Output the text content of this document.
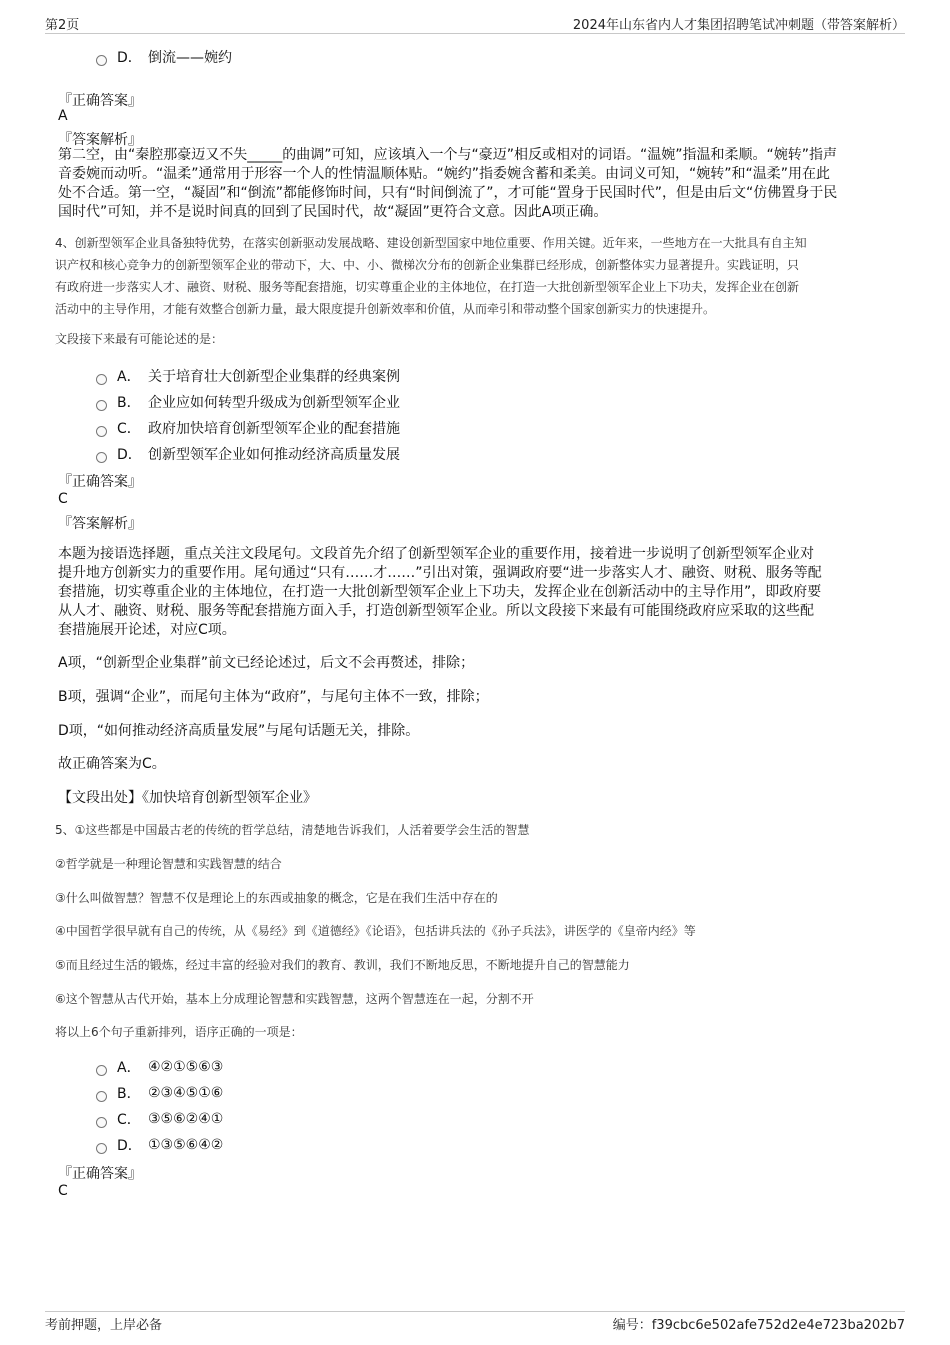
第2页	2024年山东省内人才集团招聘笔试冲刺题（带答案解析）
D． 倒流——婉约
『正确答案』
A
『答案解析』
第二空，由“秦腔那豪迈又不失_____的曲调”可知，应该填入一个与“豪迈”相反或相对的词语。“温婉”指温和柔顺。“婉转”指声
音委婉而动听。“温柔”通常用于形容一个人的性情温顺体贴。“婉约”指委婉含蓄和柔美。由词义可知，“婉转”和“温柔”用在此
处不合适。第一空，“凝固”和“倒流”都能修饰时间，只有“时间倒流了”，才可能“置身于民国时代”，但是由后文“仿佛置身于民
国时代”可知，并不是说时间真的回到了民国时代，故“凝固”更符合文意。因此A项正确。
4、创新型领军企业具备独特优势，在落实创新驱动发展战略、建设创新型国家中地位重要、作用关键。近年来，一些地方在一大批具有自主知
识产权和核心竞争力的创新型领军企业的带动下，大、中、小、微梯次分布的创新企业集群已经形成，创新整体实力显著提升。实践证明，只
有政府进一步落实人才、融资、财税、服务等配套措施，切实尊重企业的主体地位，在打造一大批创新型领军企业上下功夫，发挥企业在创新
活动中的主导作用，才能有效整合创新力量，最大限度提升创新效率和价值，从而牵引和带动整个国家创新实力的快速提升。
文段接下来最有可能论述的是：
A． 关于培育壮大创新型企业集群的经典案例
B． 企业应如何转型升级成为创新型领军企业
C． 政府加快培育创新型领军企业的配套措施
D． 创新型领军企业如何推动经济高质量发展
『正确答案』
C
『答案解析』
本题为接语选择题，重点关注文段尾句。文段首先介绍了创新型领军企业的重要作用，接着进一步说明了创新型领军企业对
提升地方创新实力的重要作用。尾句通过“只有……才……”引出对策，强调政府要“进一步落实人才、融资、财税、服务等配
套措施，切实尊重企业的主体地位，在打造一大批创新型领军企业上下功夫，发挥企业在创新活动中的主导作用”，即政府要
从人才、融资、财税、服务等配套措施方面入手，打造创新型领军企业。所以文段接下来最有可能围绕政府应采取的这些配
套措施展开论述，对应C项。
A项，“创新型企业集群”前文已经论述过，后文不会再赘述，排除；
B项，强调“企业”，而尾句主体为“政府”，与尾句主体不一致，排除；
D项，“如何推动经济高质量发展”与尾句话题无关，排除。
故正确答案为C。
【文段出处】《加快培育创新型领军企业》
5、①这些都是中国最古老的传统的哲学总结，清楚地告诉我们，人活着要学会生活的智慧
②哲学就是一种理论智慧和实践智慧的结合
③什么叫做智慧？智慧不仅是理论上的东西或抽象的概念，它是在我们生活中存在的
④中国哲学很早就有自己的传统，从《易经》到《道德经》《论语》，包括讲兵法的《孙子兵法》，讲医学的《皇帝内经》等
⑤而且经过生活的锻炼，经过丰富的经验对我们的教育、教训，我们不断地反思，不断地提升自己的智慧能力
⑥这个智慧从古代开始，基本上分成理论智慧和实践智慧，这两个智慧连在一起，分割不开
将以上6个句子重新排列，语序正确的一项是：
A． ④②①⑤⑥③
B． ②③④⑤①⑥
C． ③⑤⑥②④①
D． ①③⑤⑥④②
『正确答案』
C
考前押题，上岸必备	编号：f39cbc6e502afe752d2e4e723ba202b7
